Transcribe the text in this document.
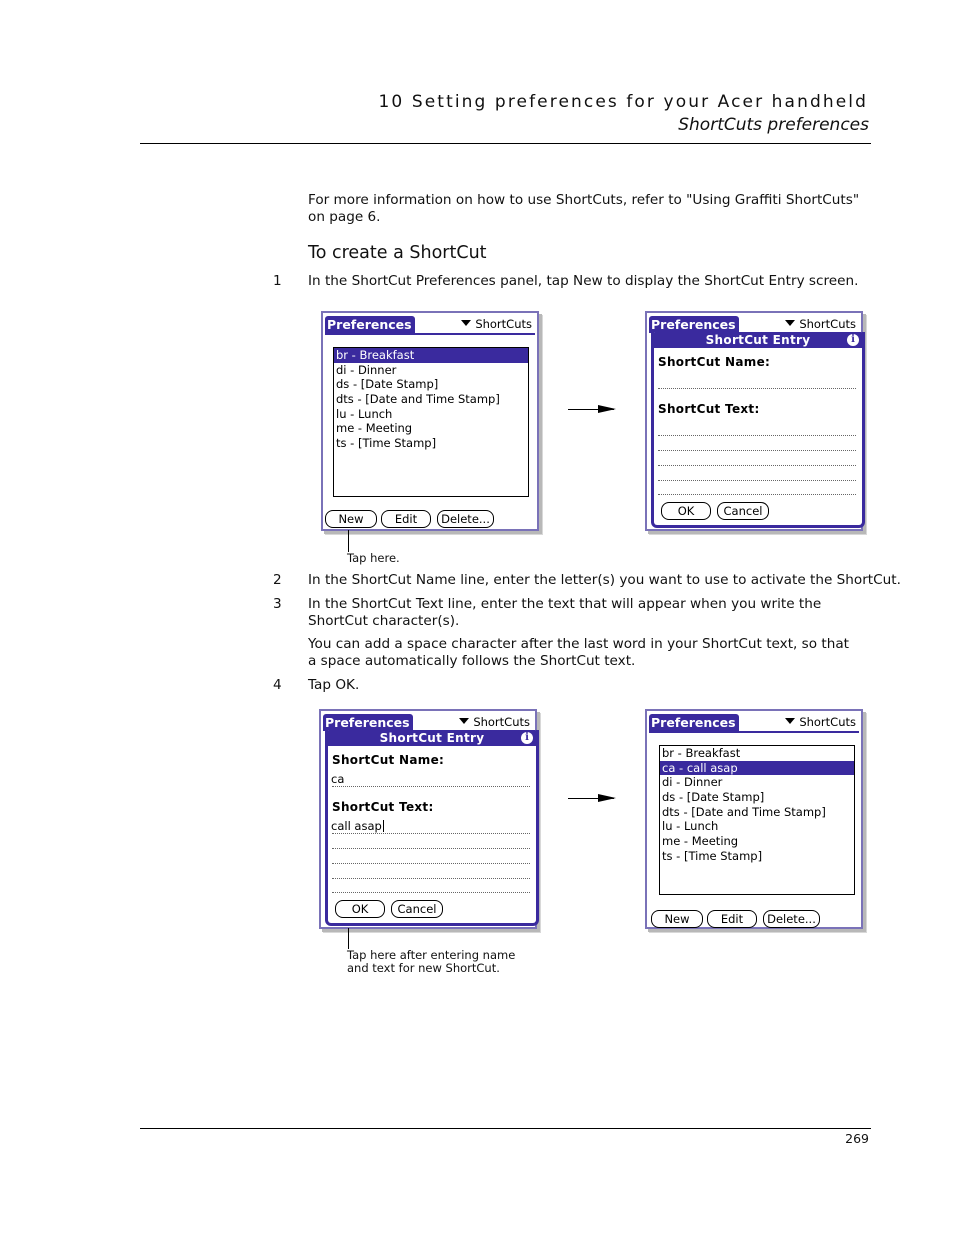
10 Setting preferences for your Acer handheld
ShortCuts preferences
For more information on how to use ShortCuts, refer to "Using Graffiti ShortCuts" on page 6.
To create a ShortCut
1 In the ShortCut Preferences panel, tap New to display the ShortCut Entry screen.
Preferences	ShortCuts
br - Breakfast
di - Dinner
ds - [Date Stamp]
dts - [Date and Time Stamp]
lu - Lunch
me - Meeting
ts - [Time Stamp]
New	Edit	Delete...
Tap here.
Preferences	ShortCuts
ShortCut Entry	i
ShortCut Name:
ShortCut Text:
OK	Cancel
2 In the ShortCut Name line, enter the letter(s) you want to use to activate the ShortCut.
3 In the ShortCut Text line, enter the text that will appear when you write the ShortCut character(s).
You can add a space character after the last word in your ShortCut text, so that a space automatically follows the ShortCut text.
4 Tap OK.
Preferences	ShortCuts
ShortCut Entry	i
ShortCut Name:
ca
ShortCut Text:
call asap
OK	Cancel
Tap here after entering name and text for new ShortCut.
Preferences	ShortCuts
br - Breakfast
ca - call asap
di - Dinner
ds - [Date Stamp]
dts - [Date and Time Stamp]
lu - Lunch
me - Meeting
ts - [Time Stamp]
New	Edit	Delete...
269
